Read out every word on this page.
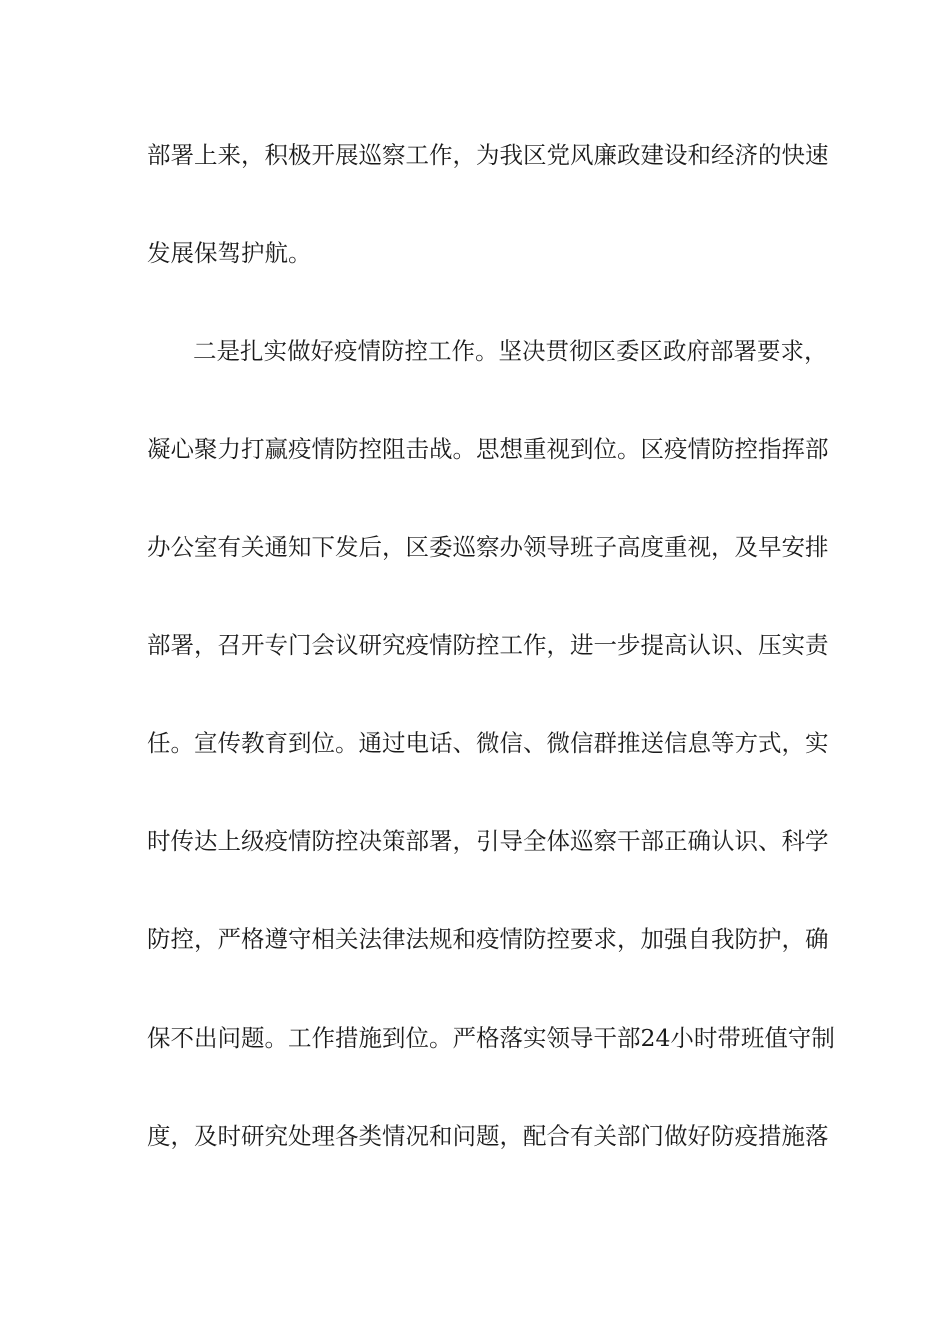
部署上来，积极开展巡察工作，为我区党风廉政建设和经济的快速
发展保驾护航。
二是扎实做好疫情防控工作。坚决贯彻区委区政府部署要求，
凝心聚力打赢疫情防控阻击战。思想重视到位。区疫情防控指挥部
办公室有关通知下发后，区委巡察办领导班子高度重视，及早安排
部署，召开专门会议研究疫情防控工作，进一步提高认识、压实责
任。宣传教育到位。通过电话、微信、微信群推送信息等方式，实
时传达上级疫情防控决策部署，引导全体巡察干部正确认识、科学
防控，严格遵守相关法律法规和疫情防控要求，加强自我防护，确
保不出问题。工作措施到位。严格落实领导干部24小时带班值守制
度，及时研究处理各类情况和问题，配合有关部门做好防疫措施落
